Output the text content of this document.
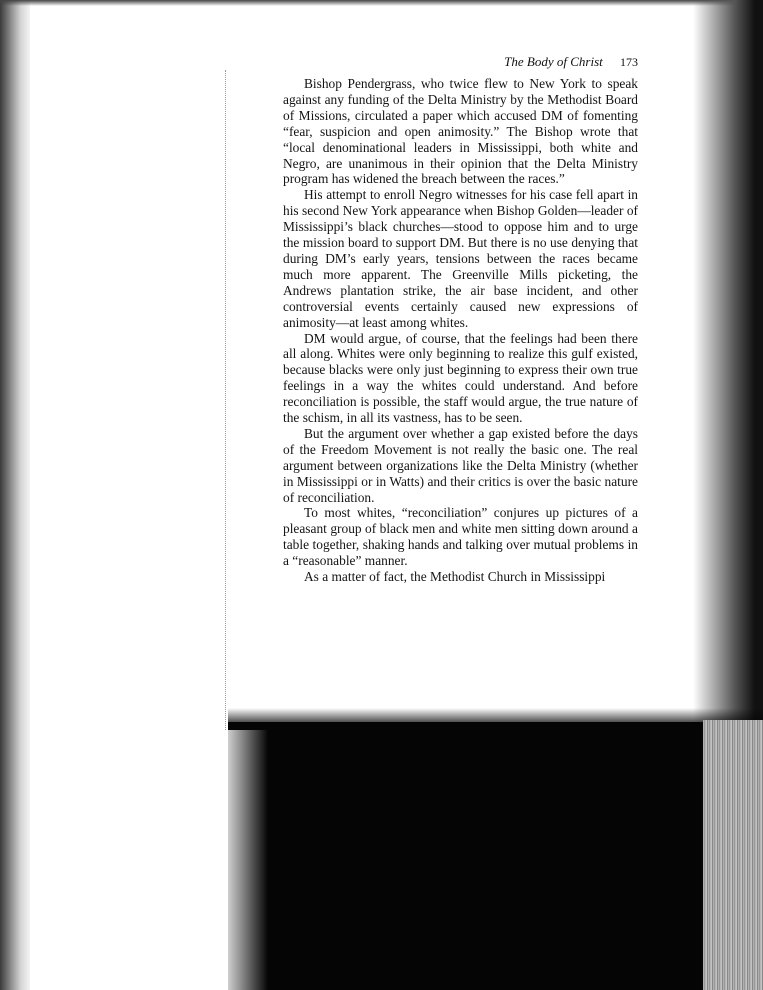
The Body of Christ 173

Bishop Pendergrass, who twice flew to New York to speak against any funding of the Delta Ministry by the Methodist Board of Missions, circulated a paper which accused DM of fomenting “fear, suspicion and open animosity.” The Bishop wrote that “local denominational leaders in Mississippi, both white and Negro, are unanimous in their opinion that the Delta Ministry program has widened the breach between the races.”

His attempt to enroll Negro witnesses for his case fell apart in his second New York appearance when Bishop Golden—leader of Mississippi’s black churches—stood to oppose him and to urge the mission board to support DM. But there is no use denying that during DM’s early years, tensions between the races became much more apparent. The Greenville Mills picketing, the Andrews plantation strike, the air base incident, and other controversial events certainly caused new expressions of animosity—at least among whites.

DM would argue, of course, that the feelings had been there all along. Whites were only beginning to realize this gulf existed, because blacks were only just beginning to express their own true feelings in a way the whites could understand. And before reconciliation is possible, the staff would argue, the true nature of the schism, in all its vastness, has to be seen.

But the argument over whether a gap existed before the days of the Freedom Movement is not really the basic one. The real argument between organizations like the Delta Ministry (whether in Mississippi or in Watts) and their critics is over the basic nature of reconciliation.

To most whites, “reconciliation” conjures up pictures of a pleasant group of black men and white men sitting down around a table together, shaking hands and talking over mutual problems in a “reasonable” manner.

As a matter of fact, the Methodist Church in Mississippi
